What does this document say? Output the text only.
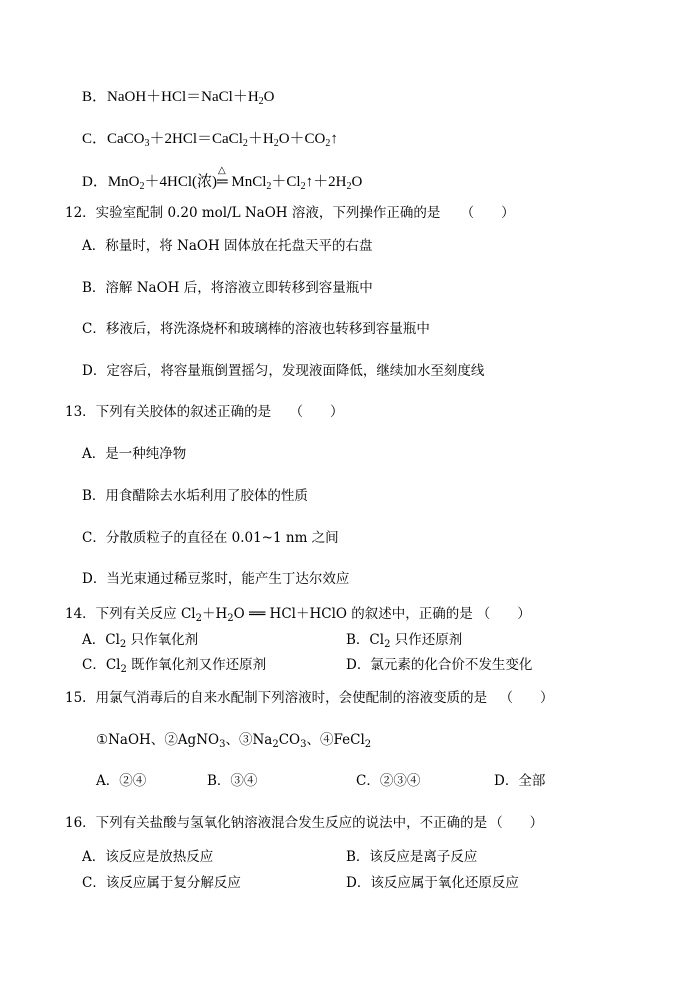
B．$NaOH+HCl=NaCl+H_2O$
C．$CaCO_3+2HCl=CaCl_2+H_2O+CO_2↑$
D．MnO$_2$＋4HCl(浓)
△
═ $MnCl_2+Cl_2↑+2H_2O$
12．实验室配制 0.20 mol/L NaOH 溶液，下列操作正确的是 （　　）
A．称量时，将 NaOH 固体放在托盘天平的右盘
B．溶解 NaOH 后，将溶液立即转移到容量瓶中
C．移液后，将洗涤烧杯和玻璃棒的溶液也转移到容量瓶中
D．定容后，将容量瓶倒置摇匀，发现液面降低，继续加水至刻度线
13．下列有关胶体的叙述正确的是 （　　）
A．是一种纯净物
B．用食醋除去水垢利用了胶体的性质
C．分散质粒子的直径在 0.01~1 nm 之间
D．当光束通过稀豆浆时，能产生丁达尔效应
14．下列有关反应 $Cl_2+H_2O$ ══ HCl＋HClO 的叙述中，正确的是 （　　）
A．$Cl_2$ 只作氧化剂	B．$Cl_2$ 只作还原剂
C．$Cl_2$ 既作氧化剂又作还原剂	D．氯元素的化合价不发生变化
15．用氯气消毒后的自来水配制下列溶液时，会使配制的溶液变质的是 （　　）
①NaOH、②AgNO$_3$、$③Na_2CO_3$、④FeCl$_2$
A．②④	B．③④	C．②③④	D．全部
16．下列有关盐酸与氢氧化钠溶液混合发生反应的说法中，不正确的是 （　　）
A．该反应是放热反应	B．该反应是离子反应
C．该反应属于复分解反应	D．该反应属于氧化还原反应
